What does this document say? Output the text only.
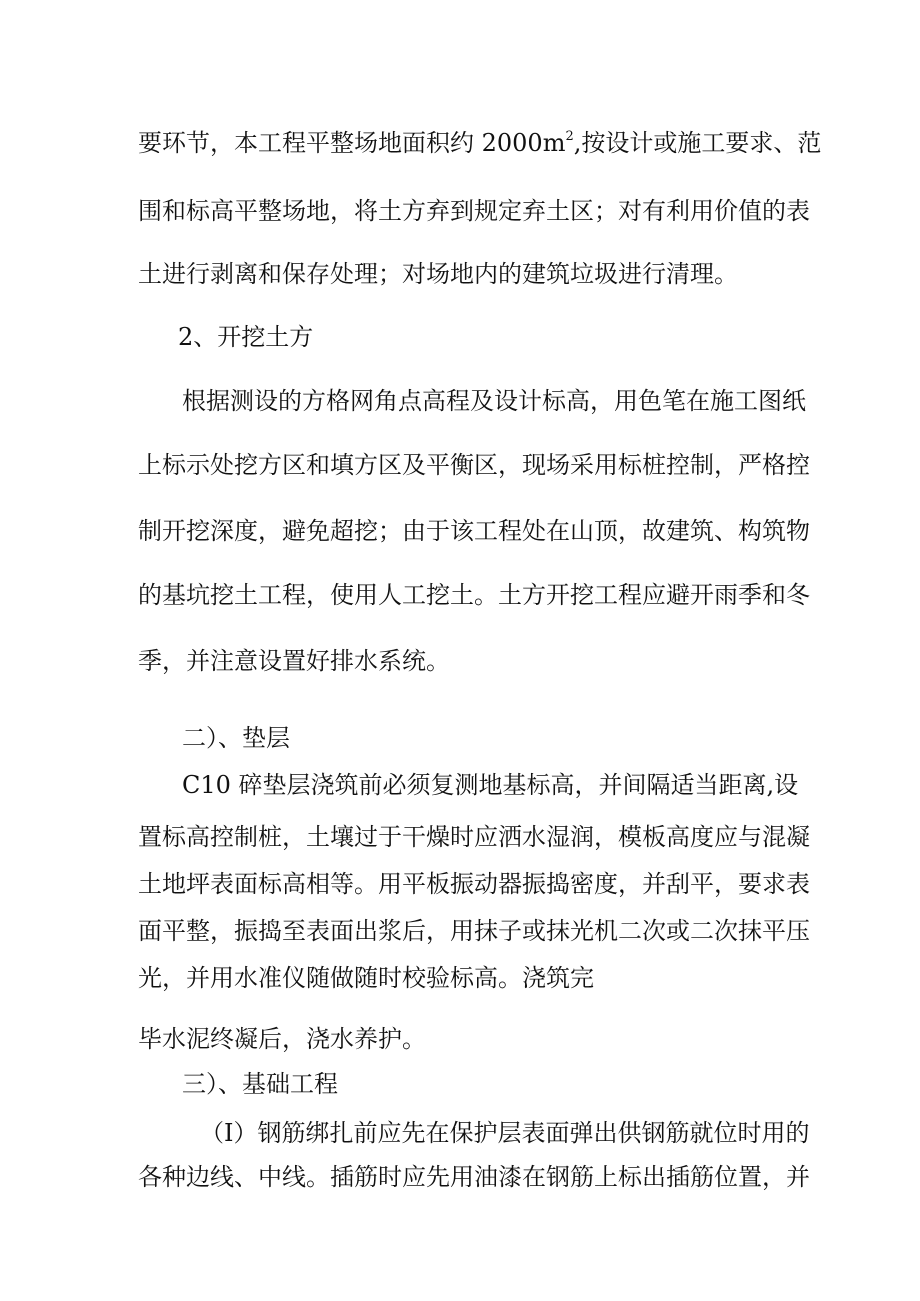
要环节，本工程平整场地面积约 $2000m^2$,按设计或施工要求、范
围和标高平整场地，将土方弃到规定弃土区；对有利用价值的表
土进行剥离和保存处理；对场地内的建筑垃圾进行清理。
2、开挖土方
根据测设的方格网角点高程及设计标高，用色笔在施工图纸
上标示处挖方区和填方区及平衡区，现场采用标桩控制，严格控
制开挖深度，避免超挖；由于该工程处在山顶，故建筑、构筑物
的基坑挖土工程，使用人工挖土。土方开挖工程应避开雨季和冬
季，并注意设置好排水系统。
二）、垫层
C10 碎垫层浇筑前必须复测地基标高，并间隔适当距离,设
置标高控制桩，土壤过于干燥时应洒水湿润，模板高度应与混凝
土地坪表面标高相等。用平板振动器振捣密度，并刮平，要求表
面平整，振捣至表面出浆后，用抹子或抹光机二次或二次抹平压
光，并用水准仪随做随时校验标高。浇筑完
毕水泥终凝后，浇水养护。
三）、基础工程
（I）钢筋绑扎前应先在保护层表面弹出供钢筋就位时用的
各种边线、中线。插筋时应先用油漆在钢筋上标出插筋位置，并
